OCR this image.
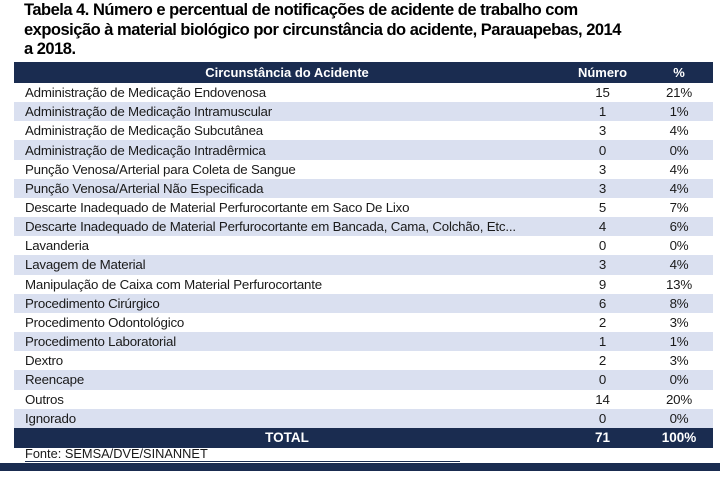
Tabela 4. Número e percentual de notificações de acidente de trabalho com
exposição à material biológico por circunstância do acidente, Parauapebas, 2014
a 2018.
Circunstância do Acidente	Número	%
Administração de Medicação Endovenosa	15	21%
Administração de Medicação Intramuscular	1	1%
Administração de Medicação Subcutânea	3	4%
Administração de Medicação Intradêrmica	0	0%
Punção Venosa/Arterial para Coleta de Sangue	3	4%
Punção Venosa/Arterial Não Especificada	3	4%
Descarte Inadequado de Material Perfurocortante em Saco De Lixo	5	7%
Descarte Inadequado de Material Perfurocortante em Bancada, Cama, Colchão, Etc...	4	6%
Lavanderia	0	0%
Lavagem de Material	3	4%
Manipulação de Caixa com Material Perfurocortante	9	13%
Procedimento Cirúrgico	6	8%
Procedimento Odontológico	2	3%
Procedimento Laboratorial	1	1%
Dextro	2	3%
Reencape	0	0%
Outros	14	20%
Ignorado	0	0%
TOTAL	71	100%
Fonte: SEMSA/DVE/SINANNET
